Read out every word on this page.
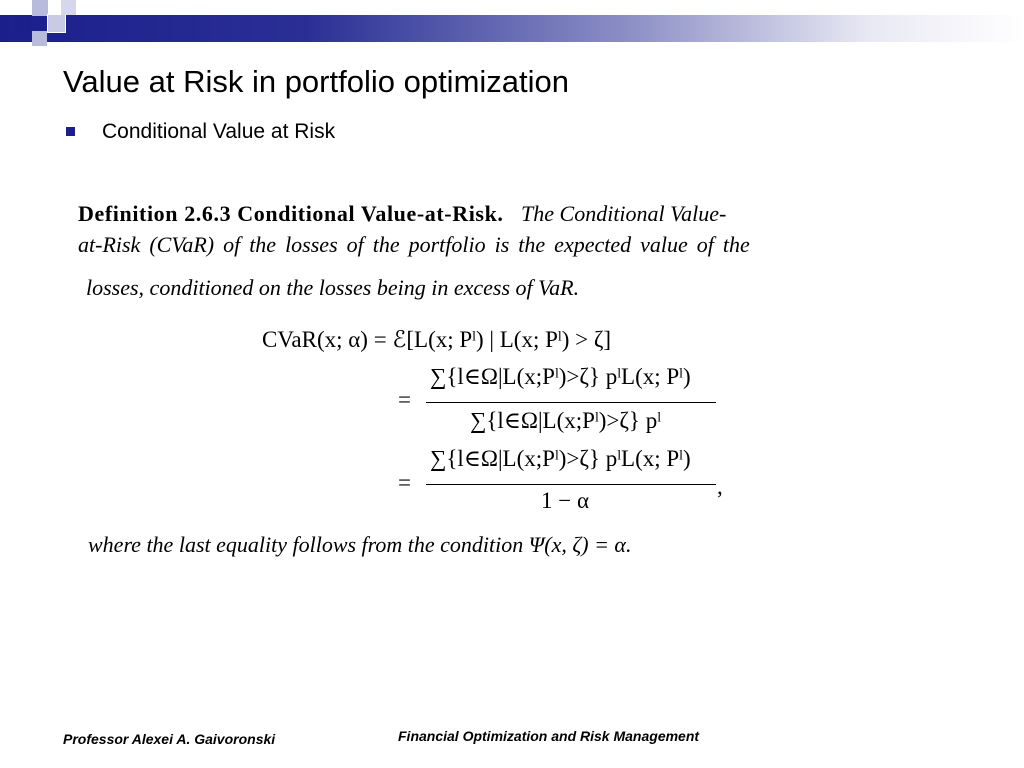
Value at Risk in portfolio optimization
Conditional Value at Risk
Definition 2.6.3 Conditional Value-at-Risk. The Conditional Value-
at-Risk (CVaR) of the losses of the portfolio is the expected value of the
losses, conditioned on the losses being in excess of VaR.
CVaR(x; α) = ℰ[L(x; Pˡ) | L(x; Pˡ) > ζ]
=
∑{l∈Ω|L(x;Pˡ)>ζ} pˡL(x; Pˡ)
∑{l∈Ω|L(x;Pˡ)>ζ} pˡ
=
∑{l∈Ω|L(x;Pˡ)>ζ} pˡL(x; Pˡ)
1 − α
,
where the last equality follows from the condition Ψ(x, ζ) = α.
Professor Alexei A. Gaivoronski	Financial Optimization and Risk Management
